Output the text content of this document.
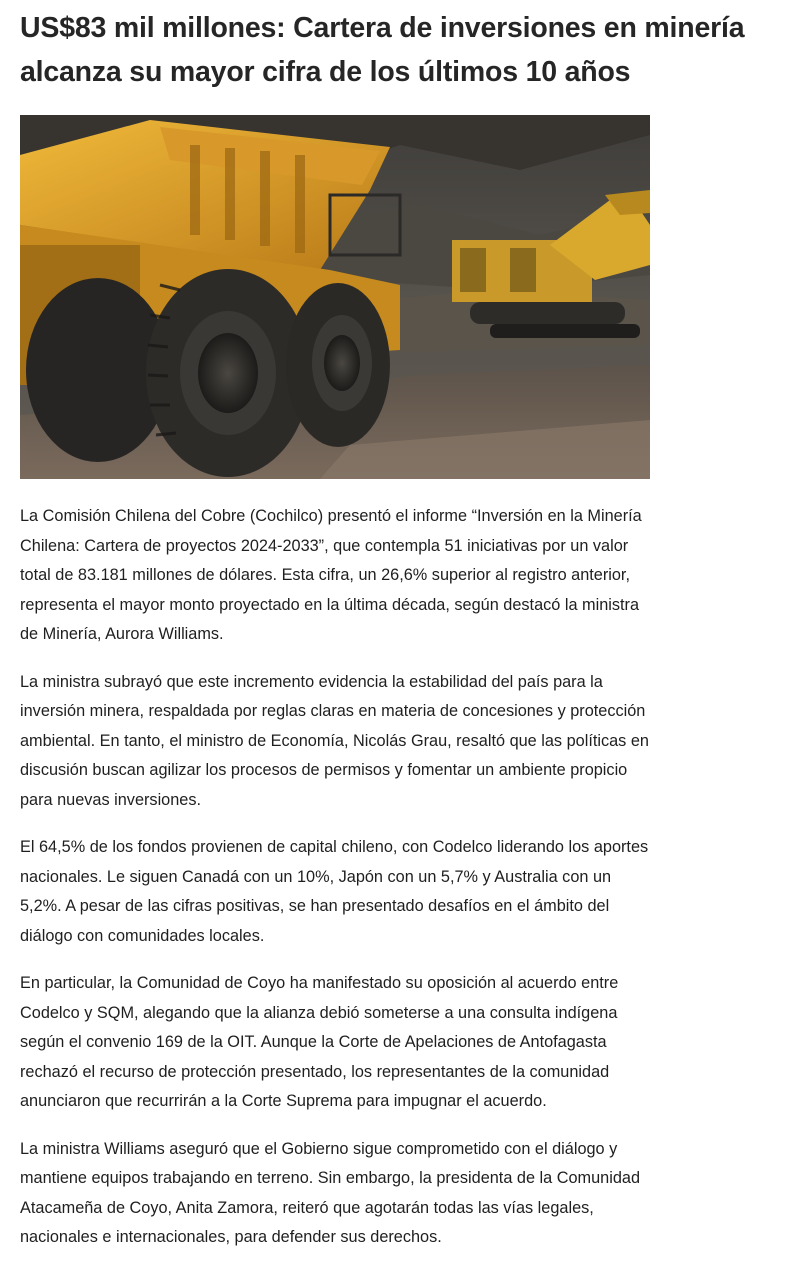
US$83 mil millones: Cartera de inversiones en minería alcanza su mayor cifra de los últimos 10 años

La Comisión Chilena del Cobre (Cochilco) presentó el informe “Inversión en la Minería Chilena: Cartera de proyectos 2024-2033”, que contempla 51 iniciativas por un valor total de 83.181 millones de dólares. Esta cifra, un 26,6% superior al registro anterior, representa el mayor monto proyectado en la última década, según destacó la ministra de Minería, Aurora Williams.

La ministra subrayó que este incremento evidencia la estabilidad del país para la inversión minera, respaldada por reglas claras en materia de concesiones y protección ambiental. En tanto, el ministro de Economía, Nicolás Grau, resaltó que las políticas en discusión buscan agilizar los procesos de permisos y fomentar un ambiente propicio para nuevas inversiones.

El 64,5% de los fondos provienen de capital chileno, con Codelco liderando los aportes nacionales. Le siguen Canadá con un 10%, Japón con un 5,7% y Australia con un 5,2%. A pesar de las cifras positivas, se han presentado desafíos en el ámbito del diálogo con comunidades locales.

En particular, la Comunidad de Coyo ha manifestado su oposición al acuerdo entre Codelco y SQM, alegando que la alianza debió someterse a una consulta indígena según el convenio 169 de la OIT. Aunque la Corte de Apelaciones de Antofagasta rechazó el recurso de protección presentado, los representantes de la comunidad anunciaron que recurrirán a la Corte Suprema para impugnar el acuerdo.

La ministra Williams aseguró que el Gobierno sigue comprometido con el diálogo y mantiene equipos trabajando en terreno. Sin embargo, la presidenta de la Comunidad Atacameña de Coyo, Anita Zamora, reiteró que agotarán todas las vías legales, nacionales e internacionales, para defender sus derechos.
